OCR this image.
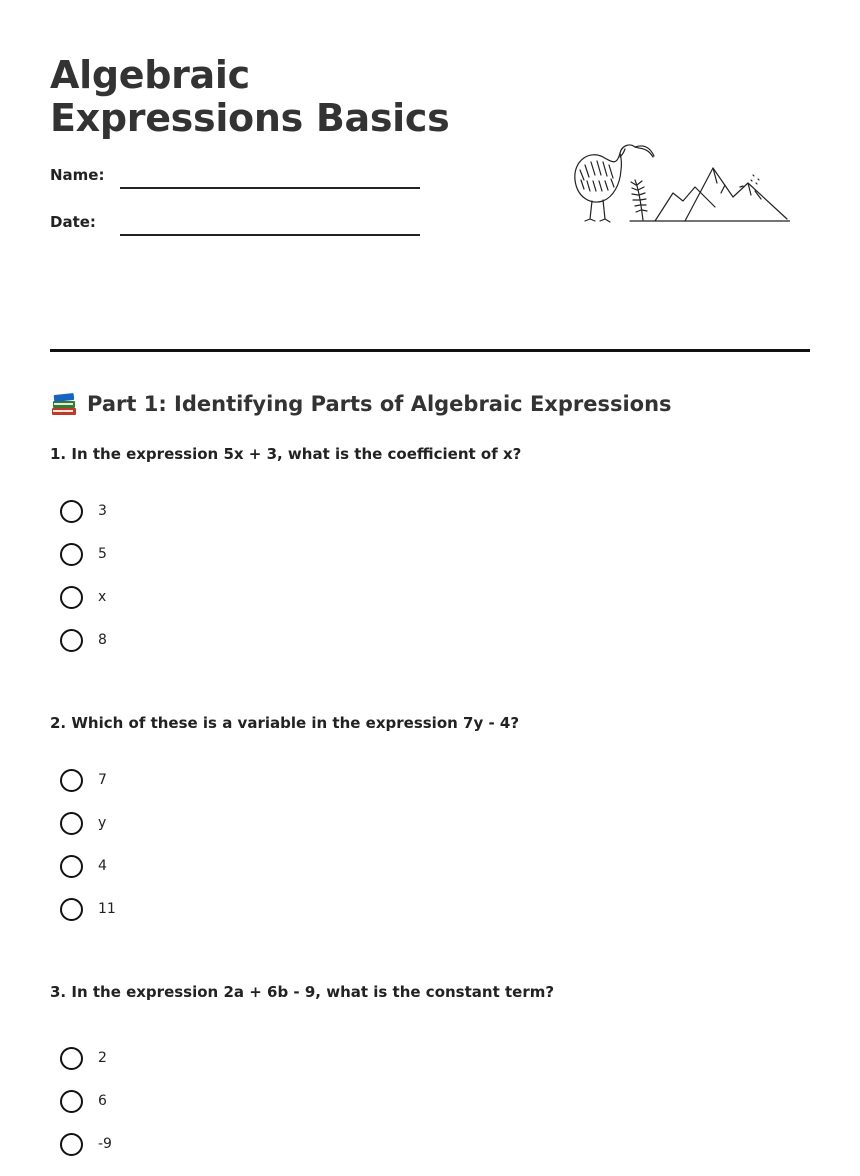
Algebraic Expressions Basics
Name:
Date:
Part 1: Identifying Parts of Algebraic Expressions
1. In the expression 5x + 3, what is the coefficient of x?
3
5
x
8
2. Which of these is a variable in the expression 7y - 4?
7
y
4
11
3. In the expression 2a + 6b - 9, what is the constant term?
2
6
-9
